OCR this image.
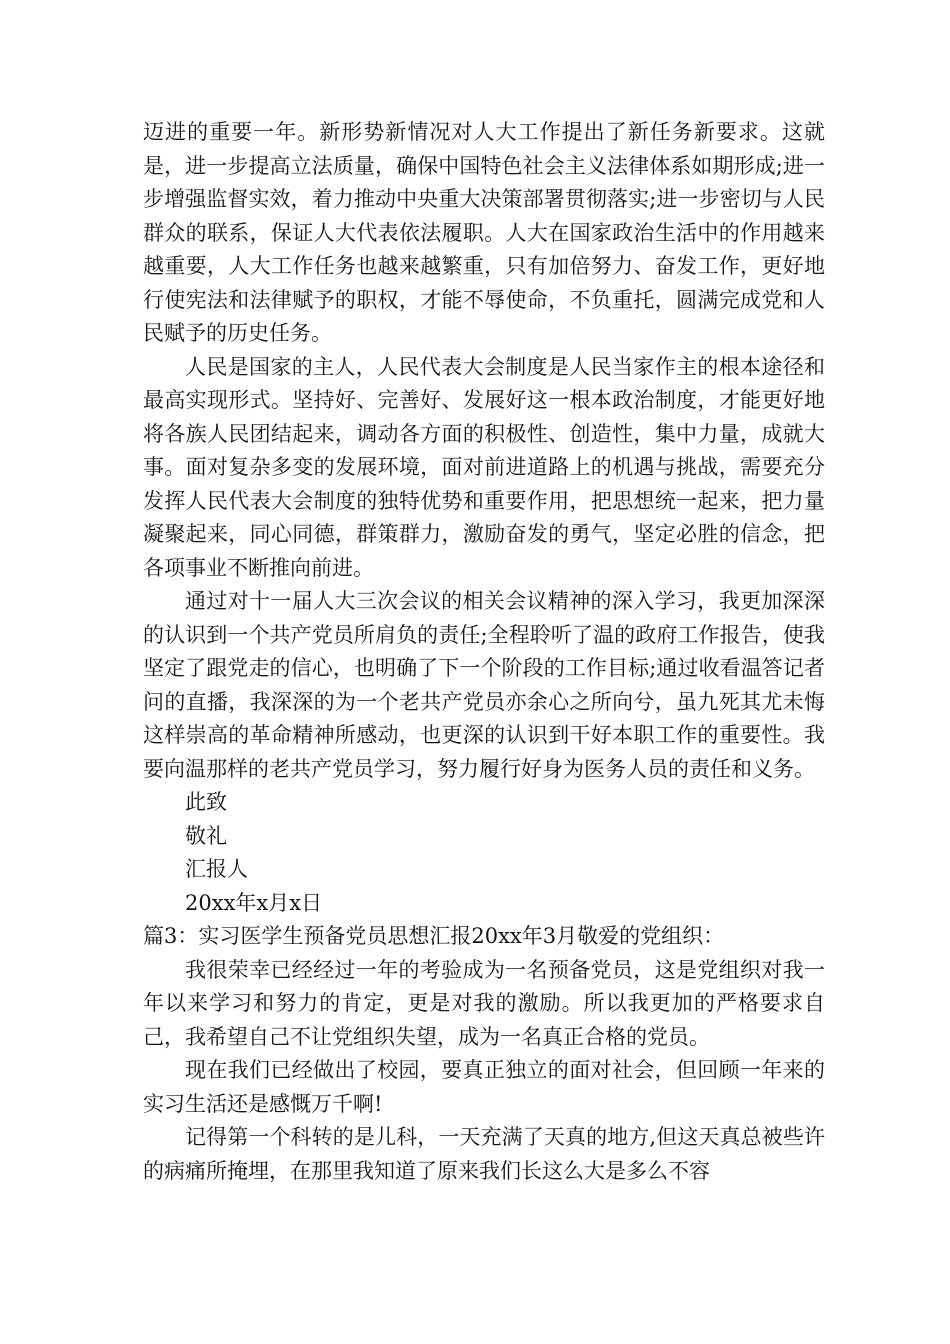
迈进的重要一年。新形势新情况对人大工作提出了新任务新要求。这就是，进一步提高立法质量，确保中国特色社会主义法律体系如期形成;进一步增强监督实效，着力推动中央重大决策部署贯彻落实;进一步密切与人民群众的联系，保证人大代表依法履职。人大在国家政治生活中的作用越来越重要，人大工作任务也越来越繁重，只有加倍努力、奋发工作，更好地行使宪法和法律赋予的职权，才能不辱使命，不负重托，圆满完成党和人民赋予的历史任务。

人民是国家的主人，人民代表大会制度是人民当家作主的根本途径和最高实现形式。坚持好、完善好、发展好这一根本政治制度，才能更好地将各族人民团结起来，调动各方面的积极性、创造性，集中力量，成就大事。面对复杂多变的发展环境，面对前进道路上的机遇与挑战，需要充分发挥人民代表大会制度的独特优势和重要作用，把思想统一起来，把力量凝聚起来，同心同德，群策群力，激励奋发的勇气，坚定必胜的信念，把各项事业不断推向前进。

通过对十一届人大三次会议的相关会议精神的深入学习，我更加深深的认识到一个共产党员所肩负的责任;全程聆听了温的政府工作报告，使我坚定了跟党走的信心，也明确了下一个阶段的工作目标;通过收看温答记者问的直播，我深深的为一个老共产党员亦余心之所向兮，虽九死其尤未悔这样崇高的革命精神所感动，也更深的认识到干好本职工作的重要性。我要向温那样的老共产党员学习，努力履行好身为医务人员的责任和义务。

此致

敬礼

汇报人

20xx年x月x日

篇3：实习医学生预备党员思想汇报20xx年3月敬爱的党组织：

我很荣幸已经经过一年的考验成为一名预备党员，这是党组织对我一年以来学习和努力的肯定，更是对我的激励。所以我更加的严格要求自己，我希望自己不让党组织失望，成为一名真正合格的党员。

现在我们已经做出了校园，要真正独立的面对社会，但回顾一年来的实习生活还是感慨万千啊!

记得第一个科转的是儿科，一天充满了天真的地方,但这天真总被些许的病痛所掩埋，在那里我知道了原来我们长这么大是多么不容
